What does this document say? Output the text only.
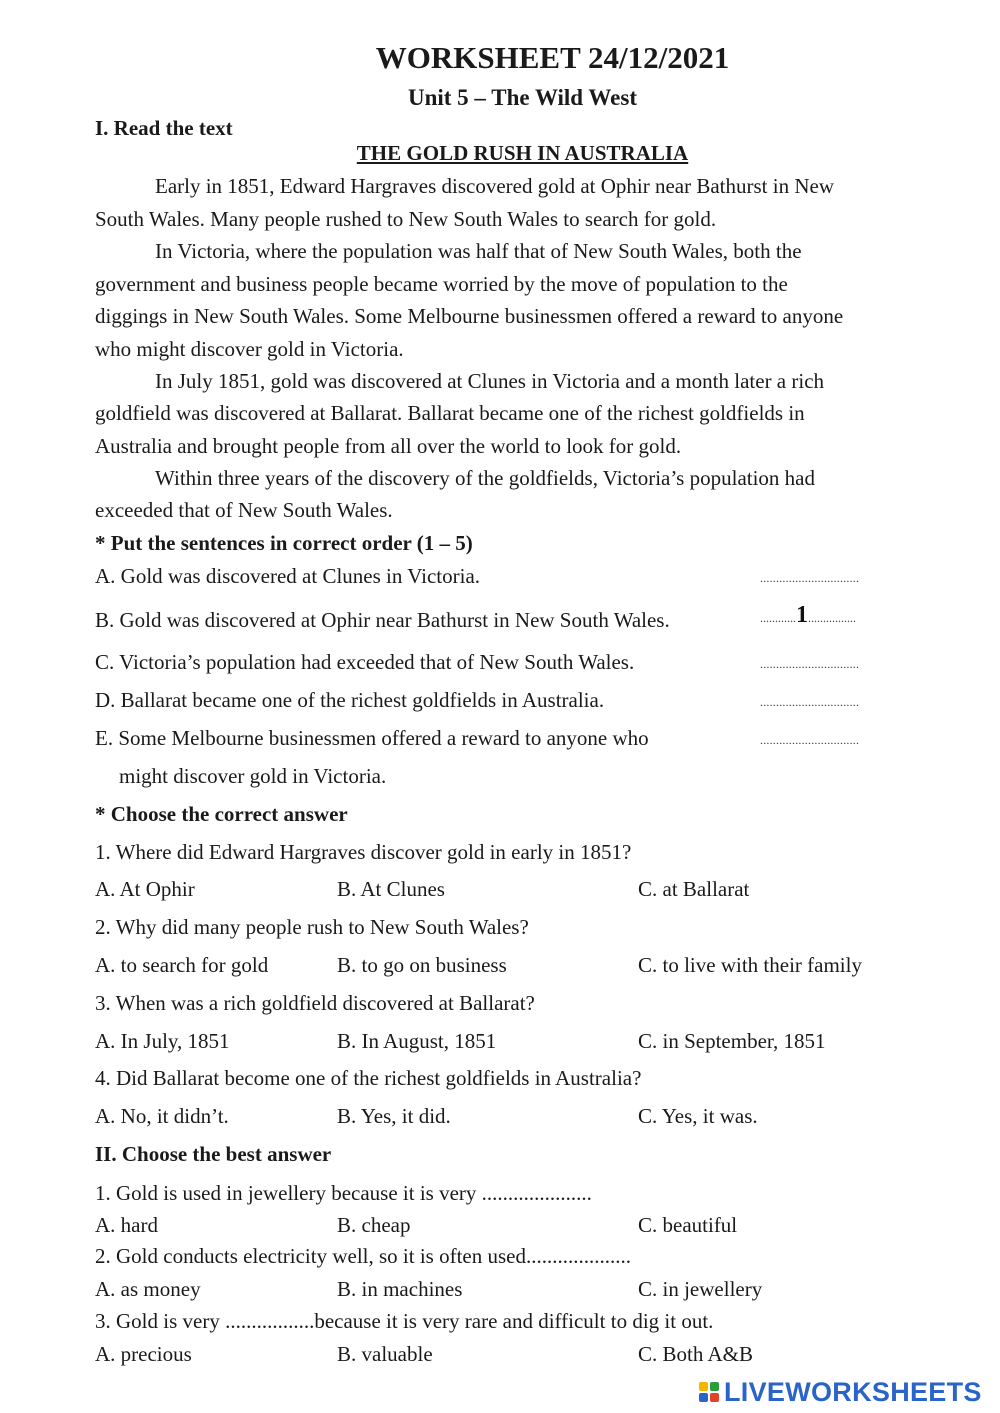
WORKSHEET 24/12/2021
Unit 5 – The Wild West
I. Read the text
THE GOLD RUSH IN AUSTRALIA
Early in 1851, Edward Hargraves discovered gold at Ophir near Bathurst in New
South Wales. Many people rushed to New South Wales to search for gold.
In Victoria, where the population was half that of New South Wales, both the
government and business people became worried by the move of population to the
diggings in New South Wales. Some Melbourne businessmen offered a reward to anyone
who might discover gold in Victoria.
In July 1851, gold was discovered at Clunes in Victoria and a month later a rich
goldfield was discovered at Ballarat. Ballarat became one of the richest goldfields in
Australia and brought people from all over the world to look for gold.
Within three years of the discovery of the goldfields, Victoria’s population had
exceeded that of New South Wales.
* Put the sentences in correct order (1 – 5)
A. Gold was discovered at Clunes in Victoria.	...............................
B. Gold was discovered at Ophir near Bathurst in New South Wales.	............1................
C. Victoria’s population had exceeded that of New South Wales.	...............................
D. Ballarat became one of the richest goldfields in Australia.	...............................
E. Some Melbourne businessmen offered a reward to anyone who	...............................
might discover gold in Victoria.
* Choose the correct answer
1. Where did Edward Hargraves discover gold in early in 1851?
A. At Ophir	B. At Clunes	C. at Ballarat
2. Why did many people rush to New South Wales?
A. to search for gold	B. to go on business	C. to live with their family
3. When was a rich goldfield discovered at Ballarat?
A. In July, 1851	B. In August, 1851	C. in September, 1851
4. Did Ballarat become one of the richest goldfields in Australia?
A. No, it didn’t.	B. Yes, it did.	C. Yes, it was.
II. Choose the best answer
1. Gold is used in jewellery because it is very .....................
A. hard	B. cheap	C. beautiful
2. Gold conducts electricity well, so it is often used....................
A. as money	B. in machines	C. in jewellery
3. Gold is very .................because it is very rare and difficult to dig it out.
A. precious	B. valuable	C. Both A&B
LIVEWORKSHEETS
